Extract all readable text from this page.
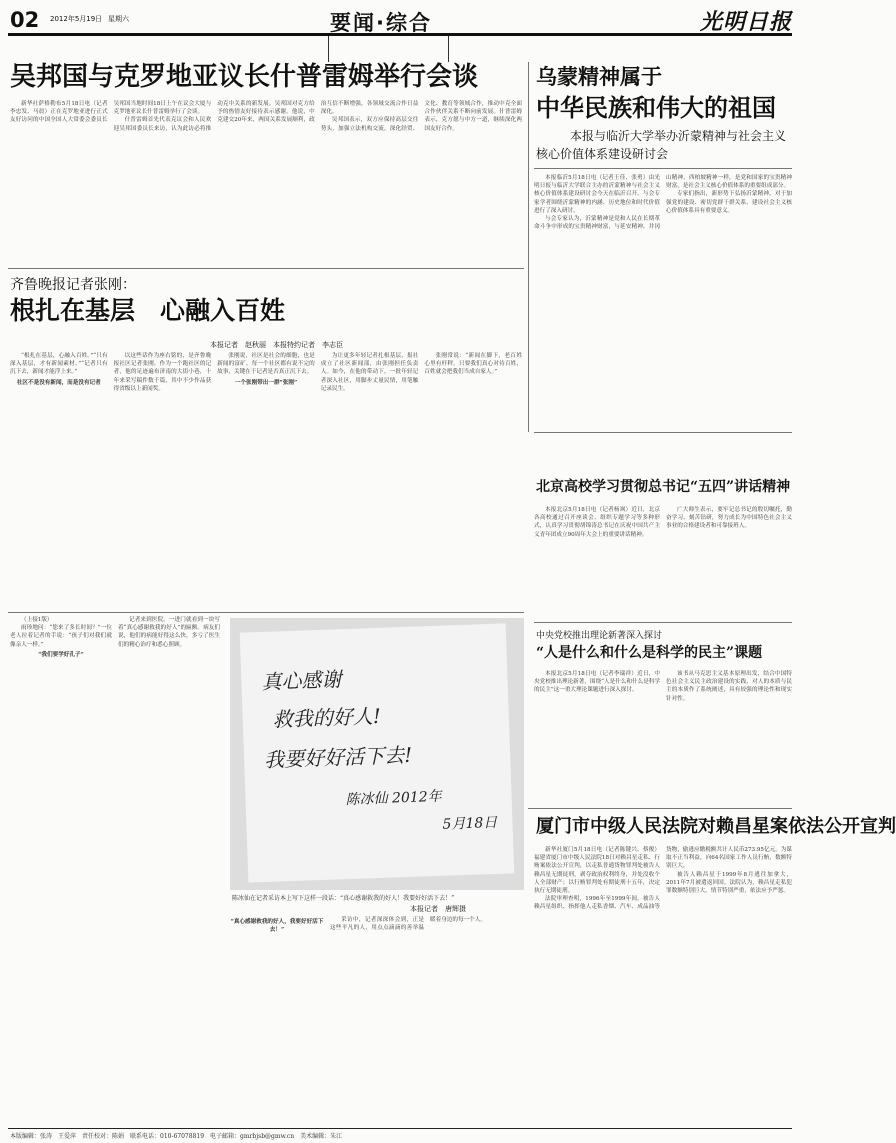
02 2012年5月19日 星期六	要闻·综合	光明日报
吴邦国与克罗地亚议长什普雷姆举行会谈

新华社萨格勒布5月18日电（记者李忠发、马晨）正在克罗地亚进行正式友好访问的中国全国人大常委会委员长吴邦国当地时间18日上午在议会大厦与克罗地亚议长什普雷姆举行了会谈。

什普雷姆首先代表克议会和人民欢迎吴邦国委员长来访，认为此访必将推动克中关系的新发展。吴邦国对克方给予的热情友好接待表示感谢。他说，中克建交20年来，两国关系发展顺利，政治互信不断增强，各领域交流合作日益深化。

吴邦国表示，双方应保持高层交往势头，加强立法机构交流，深化经贸、文化、教育等领域合作，推动中克全面合作伙伴关系不断向前发展。什普雷姆表示，克方愿与中方一道，继续深化两国友好合作。

乌蒙精神属于
中华民族和伟大的祖国
本报与临沂大学举办沂蒙精神与社会主义
核心价值体系建设研讨会

本报临沂5月18日电（记者王佳、张勇）由光明日报与临沂大学联合主办的沂蒙精神与社会主义核心价值体系建设研讨会今天在临沂召开。与会专家学者围绕沂蒙精神的内涵、历史地位和时代价值进行了深入研讨。

与会专家认为，沂蒙精神是党和人民在长期革命斗争中形成的宝贵精神财富，与延安精神、井冈山精神、西柏坡精神一样，是党和国家的宝贵精神财富，是社会主义核心价值体系的重要组成部分。

专家们指出，新形势下弘扬沂蒙精神，对于加强党的建设、密切党群干群关系、建设社会主义核心价值体系具有重要意义。

齐鲁晚报记者张刚：
根扎在基层　心融入百姓
本报记者　赵秋丽　本报特约记者　李志臣

“根扎在基层，心融入百姓。”“只有深入基层，才有新闻素材。”“记者只有沉下去，新闻才能浮上来。”

社区不是没有新闻，而是没有记者

以这些话作为座右铭的，是齐鲁晚报社区记者张刚。作为一个跑社区的记者，他的足迹遍布济南的大街小巷，十年来采写稿件数千篇，其中不少作品获得省级以上新闻奖。

张刚说，社区是社会的细胞，也是新闻的富矿。每一个社区都有说不完的故事，关键在于记者是否真正沉下去。

一个张刚带出一群“张刚”

为让更多年轻记者扎根基层，报社成立了社区新闻部，由张刚担任负责人。如今，在他的带动下，一批年轻记者深入社区，用脚步丈量民情，用笔触记录民生。

张刚常说：“新闻在脚下，老百姓心里有杆秤。只要我们真心对待百姓，百姓就会把我们当成自家人。”

北京高校学习贯彻总书记“五四”讲话精神

本报北京5月18日电（记者杨飒）近日，北京各高校通过召开座谈会、组织专题学习等多种形式，认真学习贯彻胡锦涛总书记在庆祝中国共产主义青年团成立90周年大会上的重要讲话精神。

广大师生表示，要牢记总书记的殷切嘱托，勤奋学习、刻苦钻研，努力成长为中国特色社会主义事业的合格建设者和可靠接班人。

中央党校推出理论新著深入探讨
“人是什么和什么是科学的民主”课题

本报北京5月18日电（记者李瑞祥）近日，中央党校推出理论新著，围绕“人是什么和什么是科学的民主”这一重大理论课题进行深入探讨。

该书从马克思主义基本原理出发，结合中国特色社会主义民主政治建设的实践，对人的本质与民主的本质作了系统阐述，具有较强的理论性和现实针对性。

（上接1版）

雨珍地问：“您来了多长时间？”一位老人拉着记者的手说：“孩子们对我们就像亲人一样。”

“我们要学好孔子”

记者来到医院，一进门就看到一块写着“真心感谢救我的好人”的匾额。病友们说，他们的病能好得这么快，多亏了医生们的精心治疗和悉心照顾。

真心感谢
救我的好人!
我要好好活下去!
陈冰仙 2012年
5月18日
陈冰仙在记者采访本上写下这样一段话：“真心感谢救我的好人！我要好好活下去！”
本报记者　唐辉摄

“真心感谢救我的好人，我要好好活下去！”

采访中，记者深深体会到，正是这些平凡的人，用点点滴滴的善举温暖着身边的每一个人。

厦门市中级人民法院对赖昌星案依法公开宣判

新华社厦门5月18日电（记者陈键兴、蔡俊）福建省厦门市中级人民法院18日对赖昌星走私、行贿案依法公开宣判，以走私普通货物罪判处被告人赖昌星无期徒刑，剥夺政治权利终身，并处没收个人全部财产；以行贿罪判处有期徒刑十五年，决定执行无期徒刑。

法院审理查明，1996年至1999年间，被告人赖昌星组织、指挥他人走私香烟、汽车、成品油等货物，偷逃应缴税额共计人民币273.95亿元。为谋取不正当利益，向64名国家工作人员行贿，数额特别巨大。

被告人赖昌星于1999年8月逃往加拿大，2011年7月被遣返回国。法院认为，赖昌星走私犯罪数额特别巨大，情节特别严重，依法应予严惩。

本版编辑：张涛　王爱萍　责任校对：陈娟　联系电话：010-67078819　电子邮箱：gmrbjsb@gmw.cn　美术编辑：朱江
